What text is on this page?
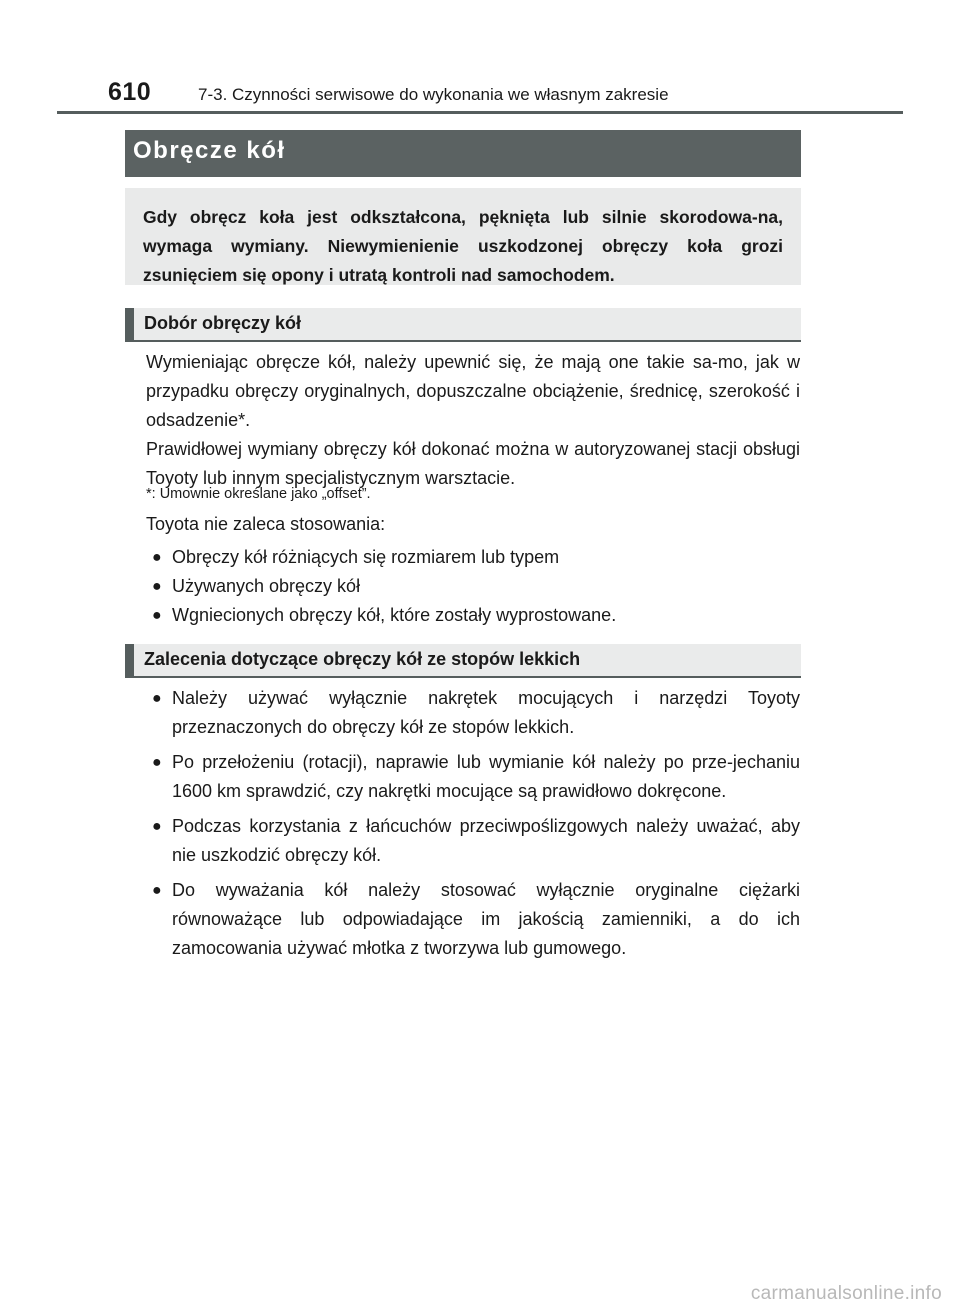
610	7-3. Czynności serwisowe do wykonania we własnym zakresie
Obręcze kół
Gdy obręcz koła jest odkształcona, pęknięta lub silnie skorodowa-na, wymaga wymiany. Niewymienienie uszkodzonej obręczy koła grozi zsunięciem się opony i utratą kontroli nad samochodem.
Dobór obręczy kół
Wymieniając obręcze kół, należy upewnić się, że mają one takie sa-mo, jak w przypadku obręczy oryginalnych, dopuszczalne obciążenie, średnicę, szerokość i odsadzenie*.
Prawidłowej wymiany obręczy kół dokonać można w autoryzowanej stacji obsługi Toyoty lub innym specjalistycznym warsztacie.
*: Umownie określane jako „offset”.
Toyota nie zaleca stosowania:
● Obręczy kół różniących się rozmiarem lub typem
● Używanych obręczy kół
● Wgniecionych obręczy kół, które zostały wyprostowane.
Zalecenia dotyczące obręczy kół ze stopów lekkich
● Należy używać wyłącznie nakrętek mocujących i narzędzi Toyoty przeznaczonych do obręczy kół ze stopów lekkich.
● Po przełożeniu (rotacji), naprawie lub wymianie kół należy po prze-jechaniu 1600 km sprawdzić, czy nakrętki mocujące są prawidłowo dokręcone.
● Podczas korzystania z łańcuchów przeciwpoślizgowych należy uważać, aby nie uszkodzić obręczy kół.
● Do wyważania kół należy stosować wyłącznie oryginalne ciężarki równoważące lub odpowiadające im jakością zamienniki, a do ich zamocowania używać młotka z tworzywa lub gumowego.
carmanualsonline.info
